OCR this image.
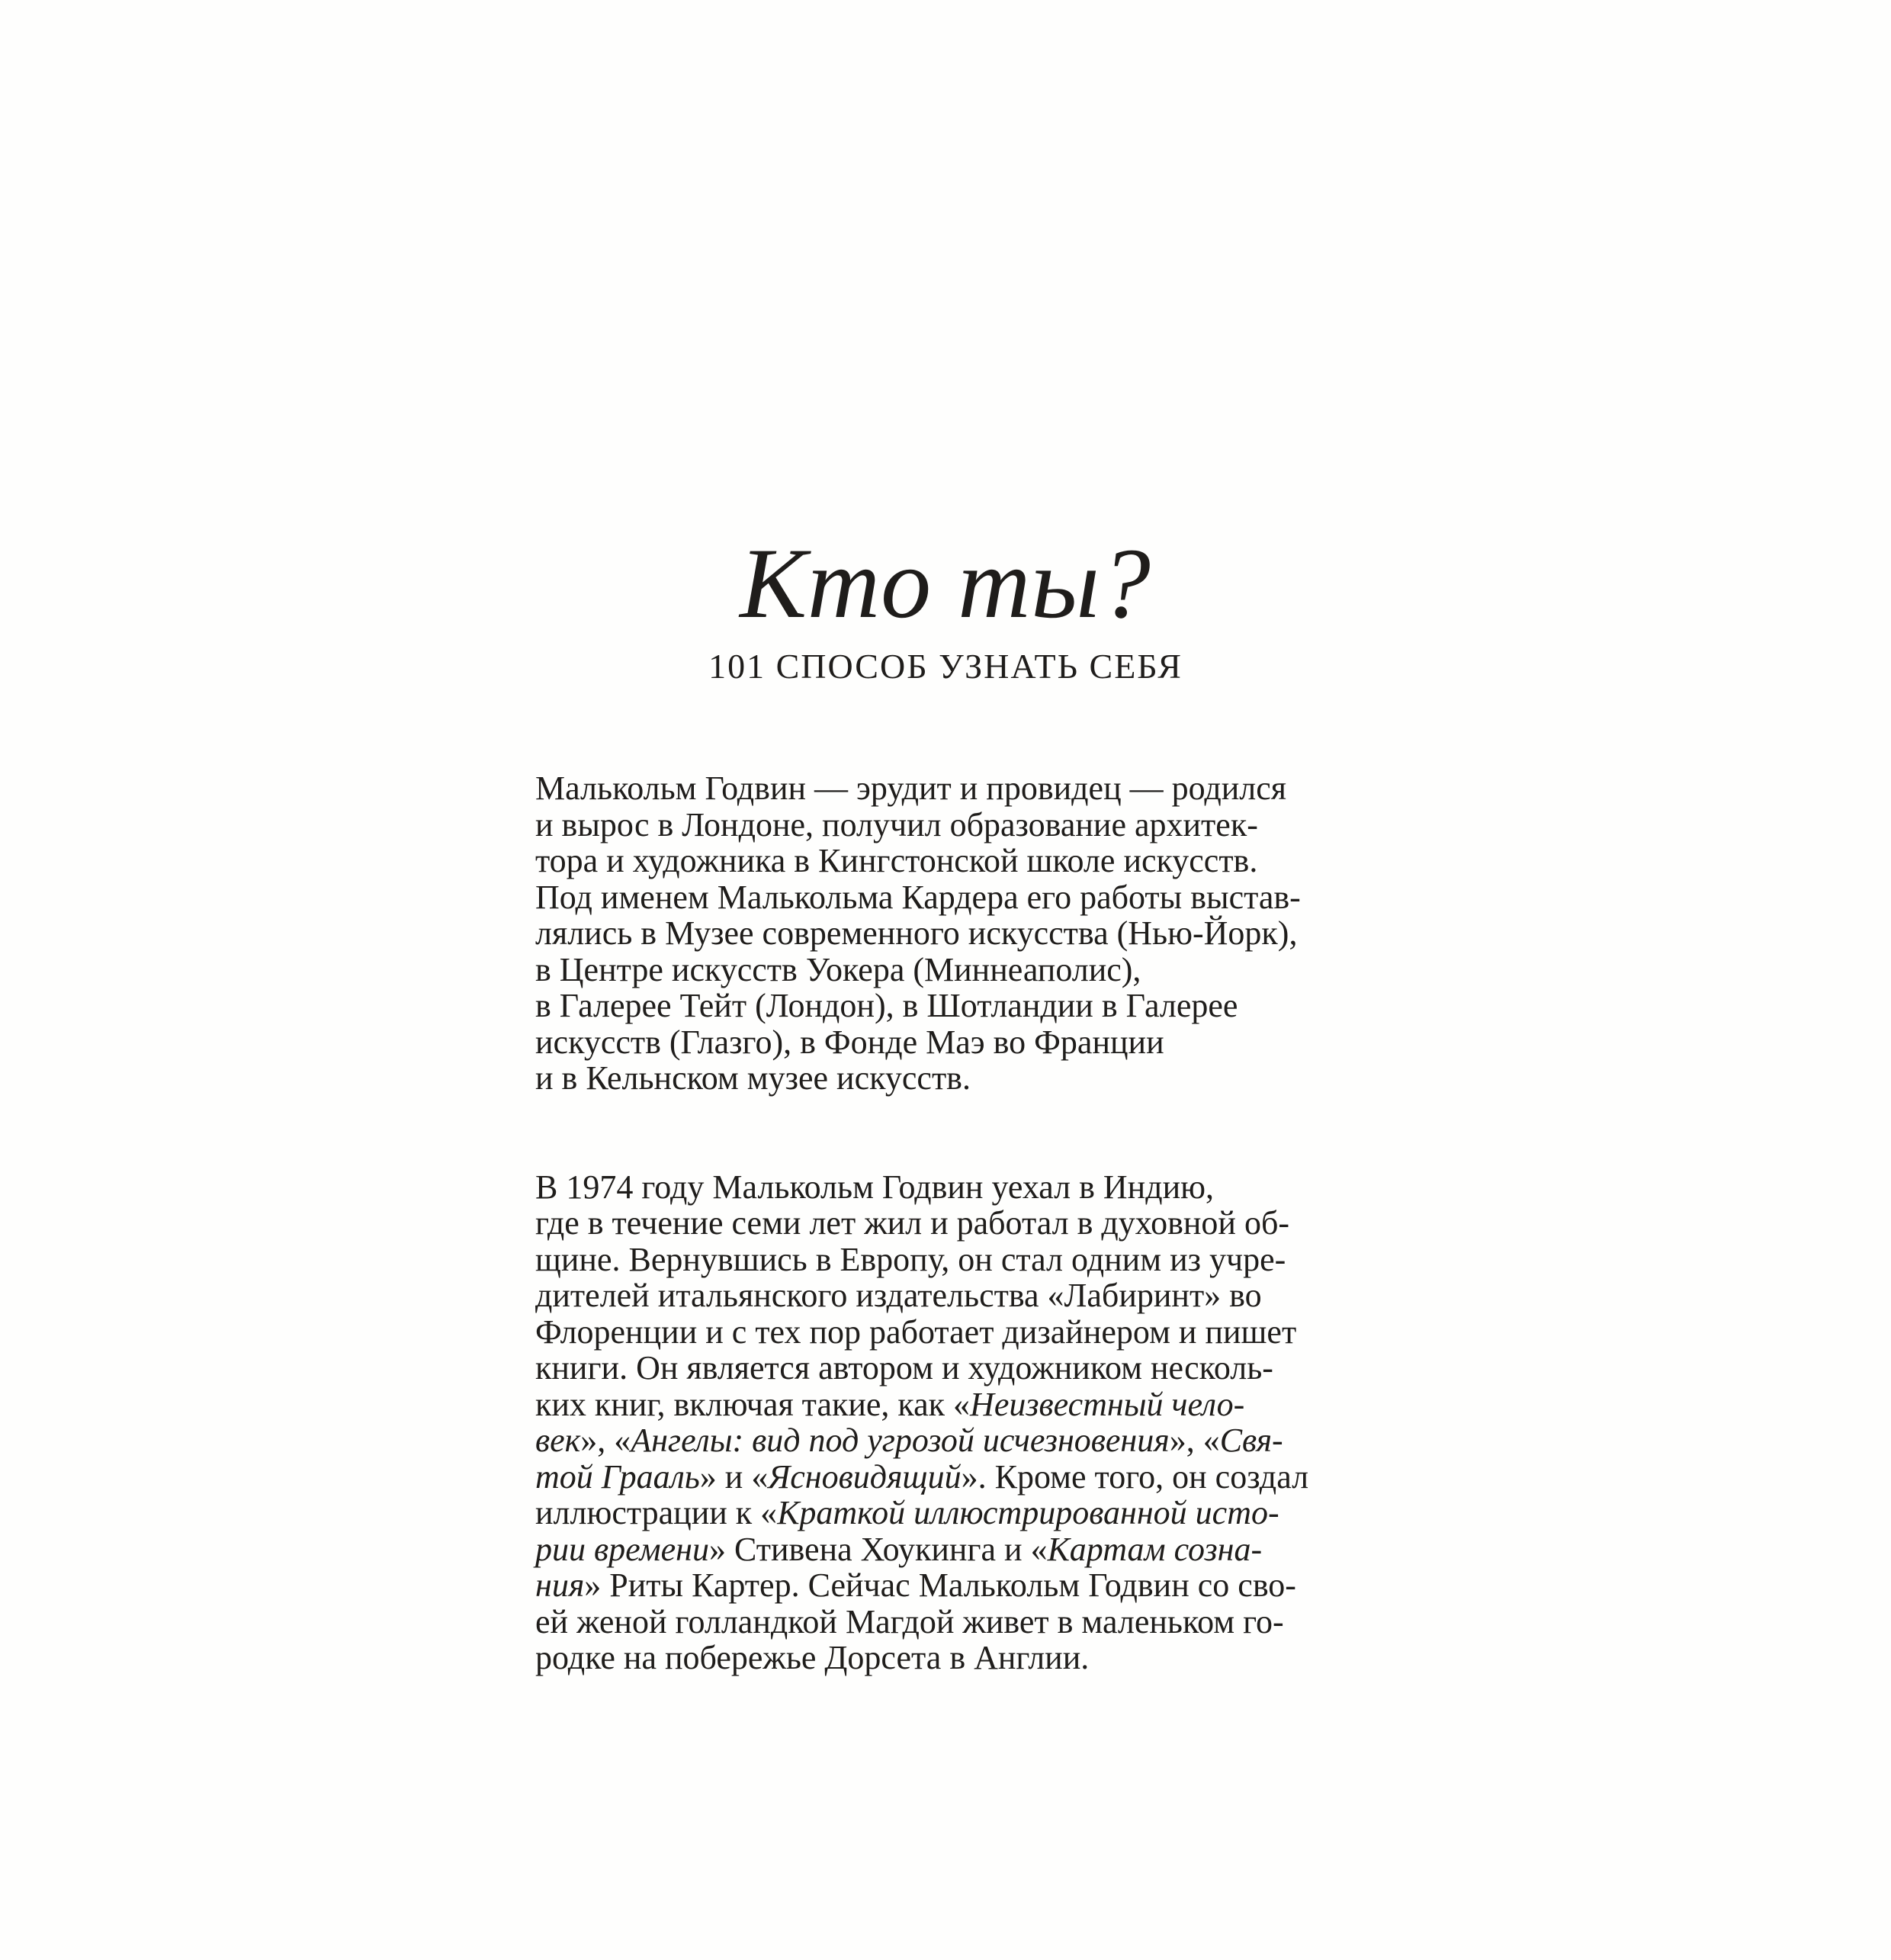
Кто ты?
101 СПОСОБ УЗНАТЬ СЕБЯ
Малькольм Годвин — эрудит и провидец — родился
и вырос в Лондоне, получил образование архитек-
тора и художника в Кингстонской школе искусств.
Под именем Малькольма Кардера его работы выстав-
лялись в Музее современного искусства (Нью-Йорк),
в Центре искусств Уокера (Миннеаполис),
в Галерее Тейт (Лондон), в Шотландии в Галерее
искусств (Глазго), в Фонде Маэ во Франции
и в Кельнском музее искусств.
В 1974 году Малькольм Годвин уехал в Индию,
где в течение семи лет жил и работал в духовной об-
щине. Вернувшись в Европу, он стал одним из учре-
дителей итальянского издательства «Лабиринт» во
Флоренции и с тех пор работает дизайнером и пишет
книги. Он является автором и художником несколь-
ких книг, включая такие, как «Неизвестный чело-
век», «Ангелы: вид под угрозой исчезновения», «Свя-
той Грааль» и «Ясновидящий». Кроме того, он создал
иллюстрации к «Краткой иллюстрированной исто-
рии времени» Стивена Хоукинга и «Картам созна-
ния» Риты Картер. Сейчас Малькольм Годвин со сво-
ей женой голландкой Магдой живет в маленьком го-
родке на побережье Дорсета в Англии.
